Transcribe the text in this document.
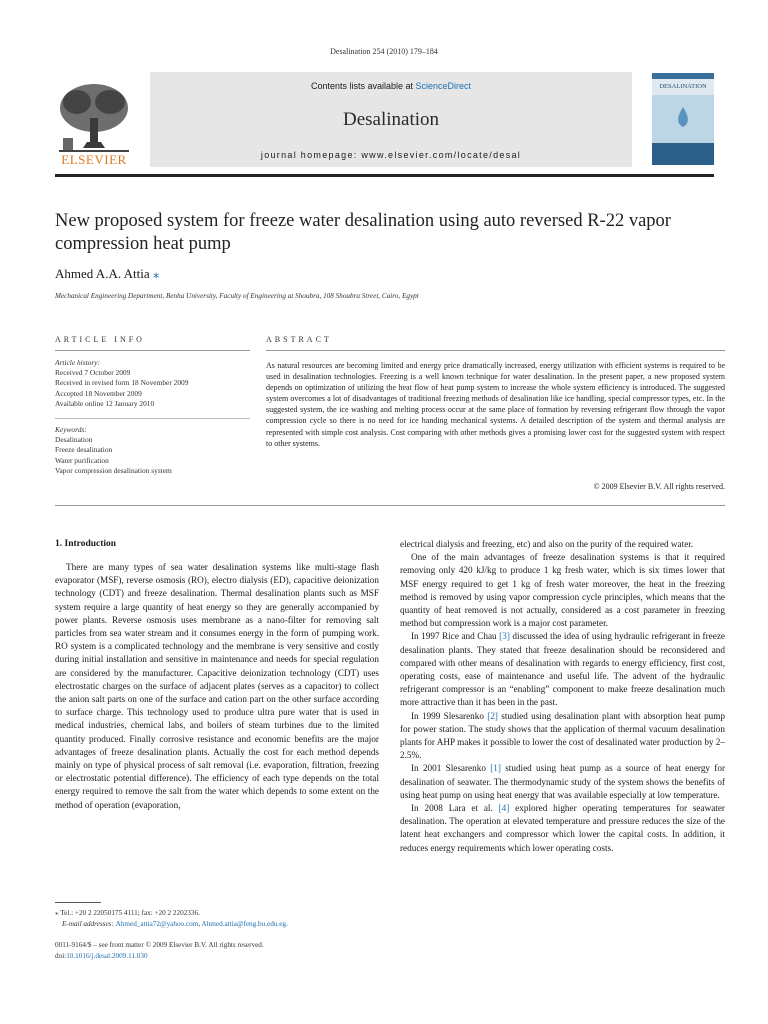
Desalination 254 (2010) 179–184
ELSEVIER
Contents lists available at ScienceDirect
Desalination
journal homepage: www.elsevier.com/locate/desal
DESALINATION
New proposed system for freeze water desalination using auto reversed R-22 vapor compression heat pump
Ahmed A.A. Attia ⁎
Mechanical Engineering Department, Benha University, Faculty of Engineering at Shoubra, 108 Shoubra Street, Cairo, Egypt
ARTICLE INFO
Article history:
Received 7 October 2009
Received in revised form 18 November 2009
Accepted 18 November 2009
Available online 12 January 2010
Keywords:
Desalination
Freeze desalination
Water purification
Vapor compression desalination system
ABSTRACT
As natural resources are becoming limited and energy price dramatically increased, energy utilization with efficient systems is required to be used in desalination technologies. Freezing is a well known technique for water desalination. In the present paper, a new proposed system depends on optimization of utilizing the heat flow of heat pump system to increase the whole system efficiency is introduced. The suggested system overcomes a lot of disadvantages of traditional freezing methods of desalination like ice handling, special compressor types, etc. In the suggested system, the ice washing and melting process occur at the same place of formation by reversing refrigerant flow through the vapor compression cycle so there is no need for ice handing mechanical systems. A detailed description of the system and thermal analysis are represented with simple cost analysis. Cost comparing with other methods gives a promising lower cost for the suggested system with respect to other systems.
© 2009 Elsevier B.V. All rights reserved.
1. Introduction

There are many types of sea water desalination systems like multi-stage flash evaporator (MSF), reverse osmosis (RO), electro dialysis (ED), capacitive deionization technology (CDT) and freeze desalination. Thermal desalination plants such as MSF system require a large quantity of heat energy so they are generally accompanied by power plants. Reverse osmosis uses membrane as a nano-filter for removing salt particles from sea water stream and it consumes energy in the form of pumping work. RO system is a complicated technology and the membrane is very sensitive and costly during initial installation and sensitive in maintenance and needs for special regulation are considered by the manufacturer. Capacitive deionization technology (CDT) uses electrostatic charges on the surface of adjacent plates (serves as a capacitor) to collect the anion salt parts on one of the surface and cation part on the other surface according to surface charge. This technology used to produce ultra pure water that is used in medical industries, chemical labs, and boilers of steam turbines due to the limited quantity produced. Finally corrosive resistance and economic benefits are the major advantages of freeze desalination plants. Actually the cost for each method depends mainly on type of physical process of salt removal (i.e. evaporation, filtration, freezing or electrostatic potential difference). The efficiency of each type depends on the total energy required to remove the salt from the water which depends to some extent on the method of operation (evaporation,

electrical dialysis and freezing, etc) and also on the purity of the required water.

One of the main advantages of freeze desalination systems is that it required removing only 420 kJ/kg to produce 1 kg fresh water, which is six times lower that MSF energy required to get 1 kg of fresh water moreover, the heat in the freezing method is removed by using vapor compression cycle principles, which means that the quantity of heat removed is not actually, considered as a cost parameter in freezing method but compression work is a major cost parameter.

In 1997 Rice and Chau [3] discussed the idea of using hydraulic refrigerant in freeze desalination plants. They stated that freeze desalination should be reconsidered and compared with other means of desalination with regards to energy efficiency, first cost, operating costs, ease of maintenance and useful life. The advent of the hydraulic refrigerant compressor is an “enabling” component to make freeze desalination much more attractive than it has been in the past.

In 1999 Slesarenko [2] studied using desalination plant with absorption heat pump for power station. The study shows that the application of thermal vacuum desalination plants for AHP makes it possible to lower the cost of desalinated water production by 2–2.5%.

In 2001 Slesarenko [1] studied using heat pump as a source of heat energy for desalination of seawater. The thermodynamic study of the system shows the benefits of using heat pump on using heat energy that was available especially at low temperature.

In 2008 Lara et al. [4] explored higher operating temperatures for seawater desalination. The operation at elevated temperature and pressure reduces the size of the latent heat exchangers and compressor which lower the capital costs. In addition, it reduces energy requirements which lower operating costs.

⁎ Tel.: +20 2 22050175 4111; fax: +20 2 2202336.
E-mail addresses: Ahmed_attia72@yahoo.com, Ahmed.attia@feng.bu.edu.eg.
0011-9164/$ – see front matter © 2009 Elsevier B.V. All rights reserved.
doi:10.1016/j.desal.2009.11.030
